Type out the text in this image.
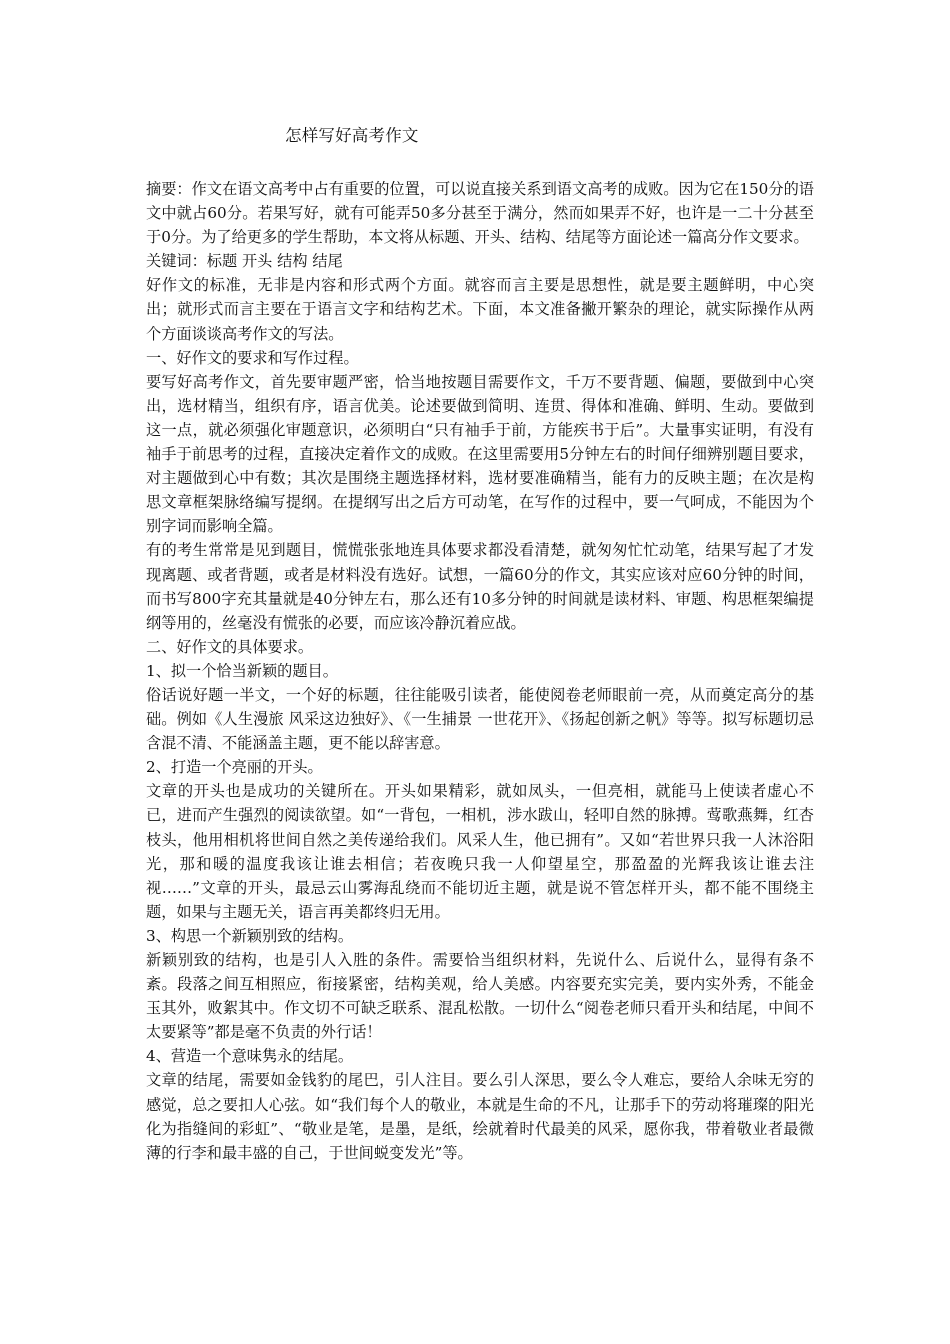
怎样写好高考作文

摘要：作文在语文高考中占有重要的位置，可以说直接关系到语文高考的成败。因为它在150分的语文中就占60分。若果写好，就有可能弄50多分甚至于满分，然而如果弄不好，也许是一二十分甚至于0分。为了给更多的学生帮助，本文将从标题、开头、结构、结尾等方面论述一篇高分作文要求。

关键词：标题 开头 结构 结尾

好作文的标准，无非是内容和形式两个方面。就容而言主要是思想性，就是要主题鲜明，中心突出；就形式而言主要在于语言文字和结构艺术。下面，本文准备撇开繁杂的理论，就实际操作从两个方面谈谈高考作文的写法。

一、好作文的要求和写作过程。

要写好高考作文，首先要审题严密，恰当地按题目需要作文，千万不要背题、偏题，要做到中心突出，选材精当，组织有序，语言优美。论述要做到简明、连贯、得体和准确、鲜明、生动。要做到这一点，就必须强化审题意识，必须明白“只有袖手于前，方能疾书于后”。大量事实证明，有没有袖手于前思考的过程，直接决定着作文的成败。在这里需要用5分钟左右的时间仔细辨别题目要求，对主题做到心中有数；其次是围绕主题选择材料，选材要准确精当，能有力的反映主题；在次是构思文章框架脉络编写提纲。在提纲写出之后方可动笔，在写作的过程中，要一气呵成，不能因为个别字词而影响全篇。

有的考生常常是见到题目，慌慌张张地连具体要求都没看清楚，就匆匆忙忙动笔，结果写起了才发现离题、或者背题，或者是材料没有选好。试想，一篇60分的作文，其实应该对应60分钟的时间，而书写800字充其量就是40分钟左右，那么还有10多分钟的时间就是读材料、审题、构思框架编提纲等用的，丝毫没有慌张的必要，而应该冷静沉着应战。

二、好作文的具体要求。

1、拟一个恰当新颖的题目。

俗话说好题一半文，一个好的标题，往往能吸引读者，能使阅卷老师眼前一亮，从而奠定高分的基础。例如《人生漫旅 风采这边独好》、《一生捕景 一世花开》、《扬起创新之帆》等等。拟写标题切忌含混不清、不能涵盖主题，更不能以辞害意。

2、打造一个亮丽的开头。

文章的开头也是成功的关键所在。开头如果精彩，就如凤头，一但亮相，就能马上使读者虚心不已，进而产生强烈的阅读欲望。如“一背包，一相机，涉水跋山，轻叩自然的脉搏。莺歌燕舞，红杏枝头，他用相机将世间自然之美传递给我们。风采人生，他已拥有”。又如“若世界只我一人沐浴阳光，那和暖的温度我该让谁去相信；若夜晚只我一人仰望星空，那盈盈的光辉我该让谁去注视……”文章的开头，最忌云山雾海乱绕而不能切近主题，就是说不管怎样开头，都不能不围绕主题，如果与主题无关，语言再美都终归无用。

3、构思一个新颖别致的结构。

新颖别致的结构，也是引人入胜的条件。需要恰当组织材料，先说什么、后说什么，显得有条不紊。段落之间互相照应，衔接紧密，结构美观，给人美感。内容要充实完美，要内实外秀，不能金玉其外，败絮其中。作文切不可缺乏联系、混乱松散。一切什么“阅卷老师只看开头和结尾，中间不太要紧等”都是毫不负责的外行话！

4、营造一个意味隽永的结尾。

文章的结尾，需要如金钱豹的尾巴，引人注目。要么引人深思，要么令人难忘，要给人余味无穷的感觉，总之要扣人心弦。如“我们每个人的敬业，本就是生命的不凡，让那手下的劳动将璀璨的阳光化为指缝间的彩虹”、“敬业是笔，是墨，是纸，绘就着时代最美的风采，愿你我，带着敬业者最微薄的行李和最丰盛的自己，于世间蜕变发光”等。
